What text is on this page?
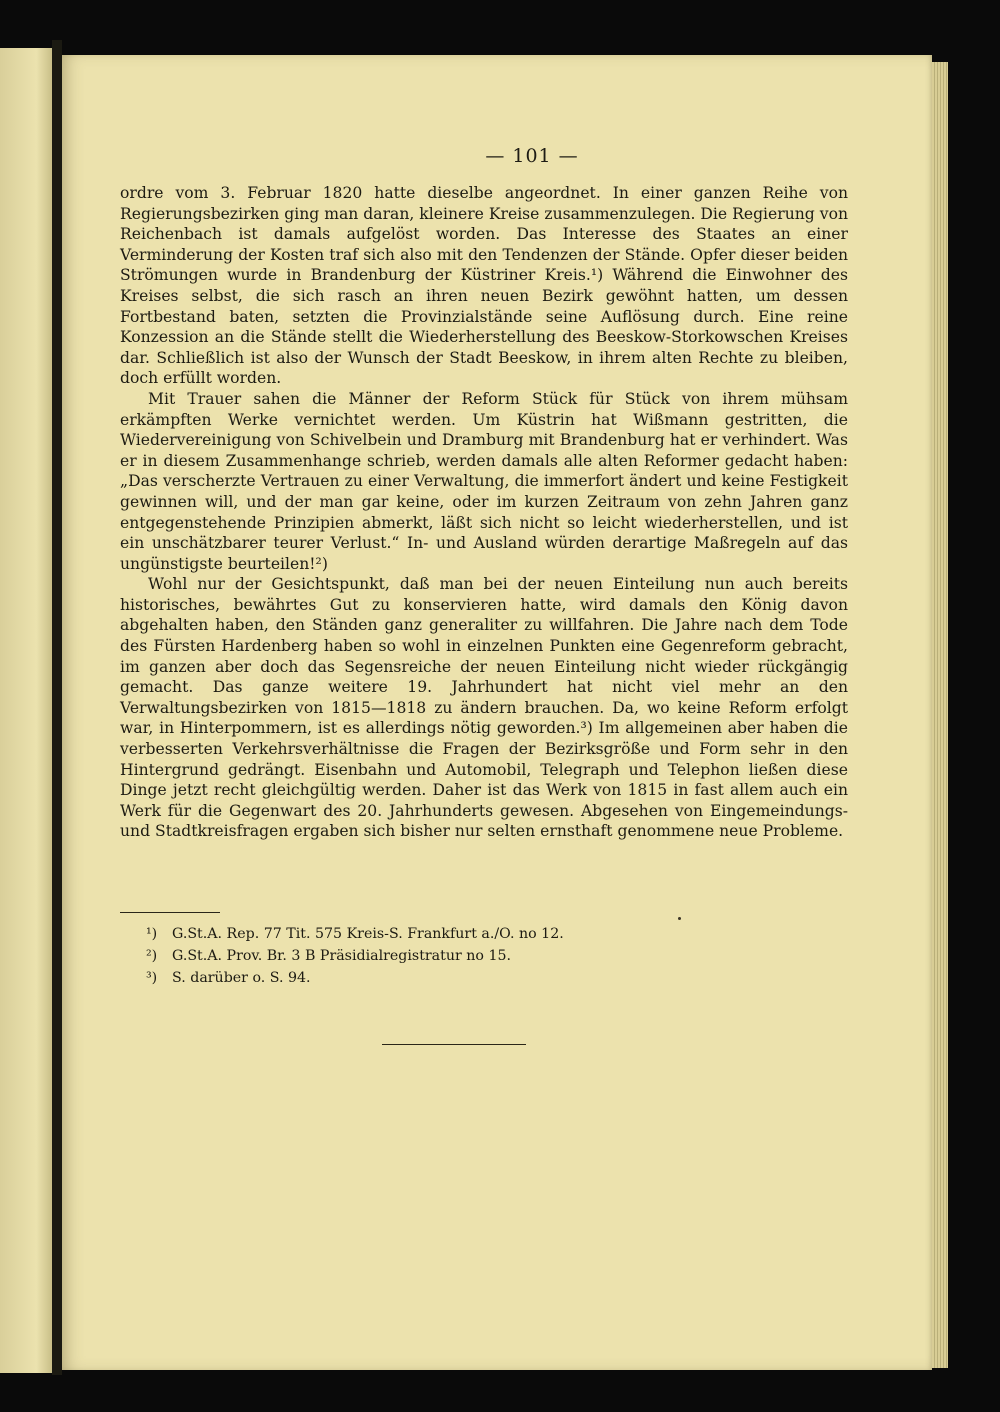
— 101 —

ordre vom 3. Februar 1820 hatte dieselbe angeordnet. In einer ganzen Reihe von Regierungsbezirken ging man daran, kleinere Kreise zusammenzulegen. Die Regierung von Reichenbach ist damals aufgelöst worden. Das Interesse des Staates an einer Verminderung der Kosten traf sich also mit den Tendenzen der Stände. Opfer dieser beiden Strömungen wurde in Brandenburg der Küstriner Kreis.¹) Während die Einwohner des Kreises selbst, die sich rasch an ihren neuen Bezirk gewöhnt hatten, um dessen Fortbestand baten, setzten die Provinzialstände seine Auflösung durch. Eine reine Konzession an die Stände stellt die Wiederherstellung des Beeskow-Storkowschen Kreises dar. Schließlich ist also der Wunsch der Stadt Beeskow, in ihrem alten Rechte zu bleiben, doch erfüllt worden.

Mit Trauer sahen die Männer der Reform Stück für Stück von ihrem mühsam erkämpften Werke vernichtet werden. Um Küstrin hat Wißmann gestritten, die Wiedervereinigung von Schivelbein und Dramburg mit Brandenburg hat er verhindert. Was er in diesem Zusammenhange schrieb, werden damals alle alten Reformer gedacht haben: „Das verscherzte Vertrauen zu einer Verwaltung, die immerfort ändert und keine Festigkeit gewinnen will, und der man gar keine, oder im kurzen Zeitraum von zehn Jahren ganz entgegenstehende Prinzipien abmerkt, läßt sich nicht so leicht wiederherstellen, und ist ein unschätzbarer teurer Verlust.“ In- und Ausland würden derartige Maßregeln auf das ungünstigste beurteilen!²)

Wohl nur der Gesichtspunkt, daß man bei der neuen Einteilung nun auch bereits historisches, bewährtes Gut zu konservieren hatte, wird damals den König davon abgehalten haben, den Ständen ganz generaliter zu willfahren. Die Jahre nach dem Tode des Fürsten Hardenberg haben so wohl in einzelnen Punkten eine Gegenreform gebracht, im ganzen aber doch das Segensreiche der neuen Einteilung nicht wieder rückgängig gemacht. Das ganze weitere 19. Jahrhundert hat nicht viel mehr an den Verwaltungsbezirken von 1815—1818 zu ändern brauchen. Da, wo keine Reform erfolgt war, in Hinterpommern, ist es allerdings nötig geworden.³) Im allgemeinen aber haben die verbesserten Verkehrsverhältnisse die Fragen der Bezirksgröße und Form sehr in den Hintergrund gedrängt. Eisenbahn und Automobil, Telegraph und Telephon ließen diese Dinge jetzt recht gleichgültig werden. Daher ist das Werk von 1815 in fast allem auch ein Werk für die Gegenwart des 20. Jahrhunderts gewesen. Abgesehen von Eingemeindungs- und Stadtkreisfragen ergaben sich bisher nur selten ernsthaft genommene neue Probleme.

¹)	G.St.A. Rep. 77 Tit. 575 Kreis-S. Frankfurt a./O. no 12.
²)	G.St.A. Prov. Br. 3 B Präsidialregistratur no 15.
³)	S. darüber o. S. 94.
